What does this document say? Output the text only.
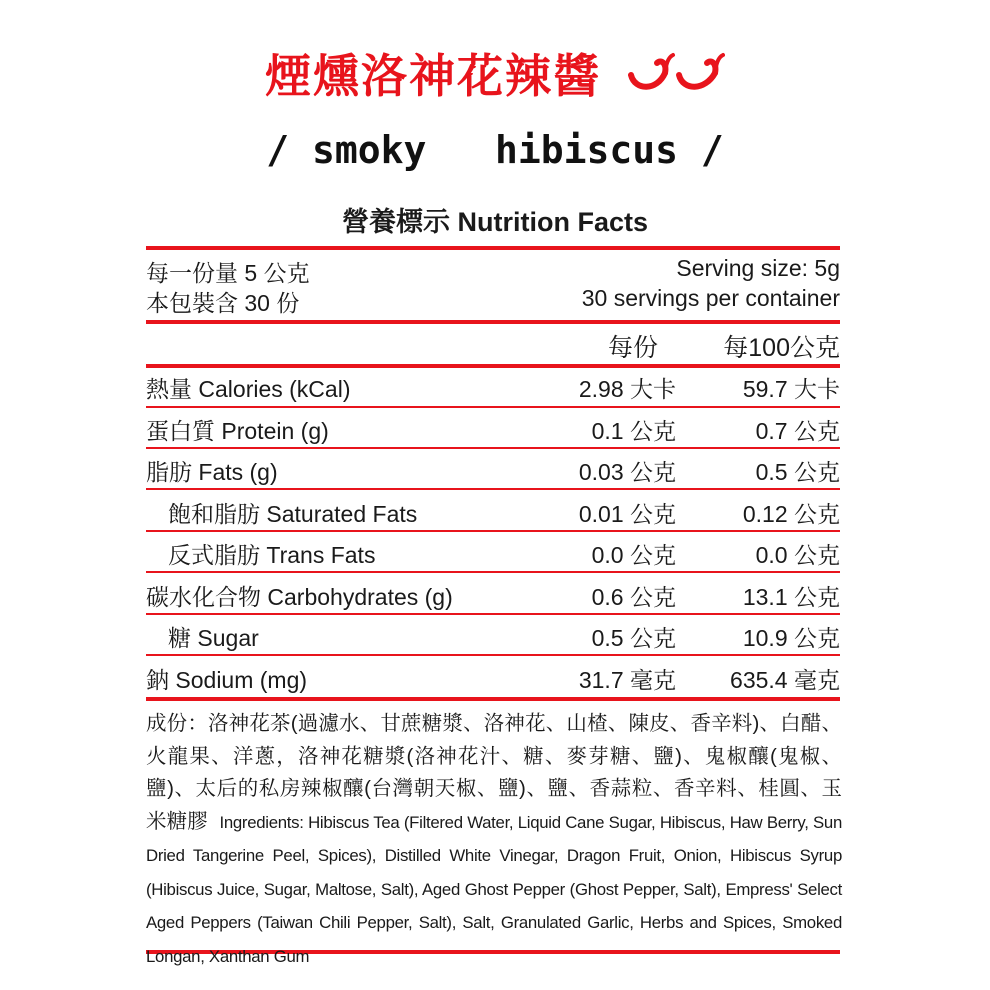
煙燻洛神花辣醬
/ smoky   hibiscus /
營養標示 Nutrition Facts
每一份量 5 公克
本包裝含 30 份
Serving size: 5g
30 servings per container
每份	每100公克
熱量 Calories (kCal)	2.98 大卡	59.7 大卡
蛋白質 Protein (g)	0.1 公克	0.7 公克
脂肪 Fats (g)	0.03 公克	0.5 公克
飽和脂肪 Saturated Fats	0.01 公克	0.12 公克
反式脂肪 Trans Fats	0.0 公克	0.0 公克
碳水化合物 Carbohydrates (g)	0.6 公克	13.1 公克
糖 Sugar	0.5 公克	10.9 公克
鈉 Sodium (mg)	31.7 毫克 635.4 毫克
成份：洛神花茶(過濾水、甘蔗糖漿、洛神花、山楂、陳皮、香辛料)、白醋、火龍果、洋蔥，洛神花糖漿(洛神花汁、糖、麥芽糖、鹽)、鬼椒釀(鬼椒、鹽)、太后的私房辣椒釀(台灣朝天椒、鹽)、鹽、香蒜粒、香辛料、桂圓、玉米糖膠 Ingredients: Hibiscus Tea (Filtered Water, Liquid Cane Sugar, Hibiscus, Haw Berry, Sun Dried Tangerine Peel, Spices), Distilled White Vinegar, Dragon Fruit, Onion, Hibiscus Syrup (Hibiscus Juice, Sugar, Maltose, Salt), Aged Ghost Pepper (Ghost Pepper, Salt), Empress' Select Aged Peppers (Taiwan Chili Pepper, Salt), Salt, Granulated Garlic, Herbs and Spices, Smoked Longan, Xanthan Gum
